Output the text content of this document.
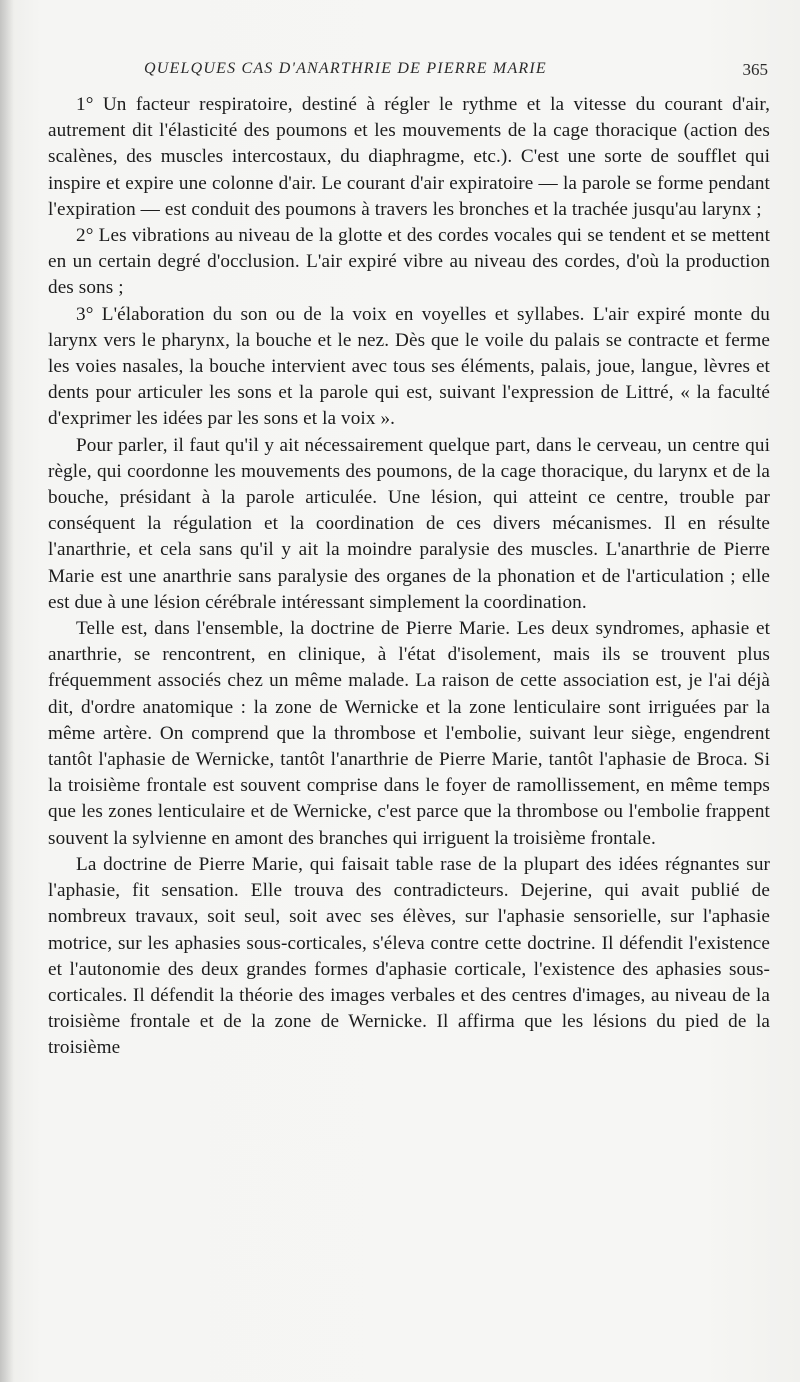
QUELQUES CAS D'ANARTHRIE DE PIERRE MARIE	365

1° Un facteur respiratoire, destiné à régler le rythme et la vitesse du courant d'air, autrement dit l'élasticité des poumons et les mouvements de la cage thoracique (action des scalènes, des muscles intercostaux, du diaphragme, etc.). C'est une sorte de soufflet qui inspire et expire une colonne d'air. Le courant d'air expiratoire — la parole se forme pendant l'expiration — est conduit des poumons à travers les bronches et la trachée jusqu'au larynx ;

2° Les vibrations au niveau de la glotte et des cordes vocales qui se tendent et se mettent en un certain degré d'occlusion. L'air expiré vibre au niveau des cordes, d'où la production des sons ;

3° L'élaboration du son ou de la voix en voyelles et syllabes. L'air expiré monte du larynx vers le pharynx, la bouche et le nez. Dès que le voile du palais se contracte et ferme les voies nasales, la bouche intervient avec tous ses éléments, palais, joue, langue, lèvres et dents pour articuler les sons et la parole qui est, suivant l'expression de Littré, « la faculté d'exprimer les idées par les sons et la voix ».

Pour parler, il faut qu'il y ait nécessairement quelque part, dans le cerveau, un centre qui règle, qui coordonne les mouvements des poumons, de la cage thoracique, du larynx et de la bouche, présidant à la parole articulée. Une lésion, qui atteint ce centre, trouble par conséquent la régulation et la coordination de ces divers mécanismes. Il en résulte l'anarthrie, et cela sans qu'il y ait la moindre paralysie des muscles. L'anarthrie de Pierre Marie est une anarthrie sans paralysie des organes de la phonation et de l'articulation ; elle est due à une lésion cérébrale intéressant simplement la coordination.

Telle est, dans l'ensemble, la doctrine de Pierre Marie. Les deux syndromes, aphasie et anarthrie, se rencontrent, en clinique, à l'état d'isolement, mais ils se trouvent plus fréquemment associés chez un même malade. La raison de cette association est, je l'ai déjà dit, d'ordre anatomique : la zone de Wernicke et la zone lenticulaire sont irriguées par la même artère. On comprend que la thrombose et l'embolie, suivant leur siège, engendrent tantôt l'aphasie de Wernicke, tantôt l'anarthrie de Pierre Marie, tantôt l'aphasie de Broca. Si la troisième frontale est souvent comprise dans le foyer de ramollissement, en même temps que les zones lenticulaire et de Wernicke, c'est parce que la thrombose ou l'embolie frappent souvent la sylvienne en amont des branches qui irriguent la troisième frontale.

La doctrine de Pierre Marie, qui faisait table rase de la plupart des idées régnantes sur l'aphasie, fit sensation. Elle trouva des contradicteurs. Dejerine, qui avait publié de nombreux travaux, soit seul, soit avec ses élèves, sur l'aphasie sensorielle, sur l'aphasie motrice, sur les aphasies sous-corticales, s'éleva contre cette doctrine. Il défendit l'existence et l'autonomie des deux grandes formes d'aphasie corticale, l'existence des aphasies sous-corticales. Il défendit la théorie des images verbales et des centres d'images, au niveau de la troisième frontale et de la zone de Wernicke. Il affirma que les lésions du pied de la troisième
